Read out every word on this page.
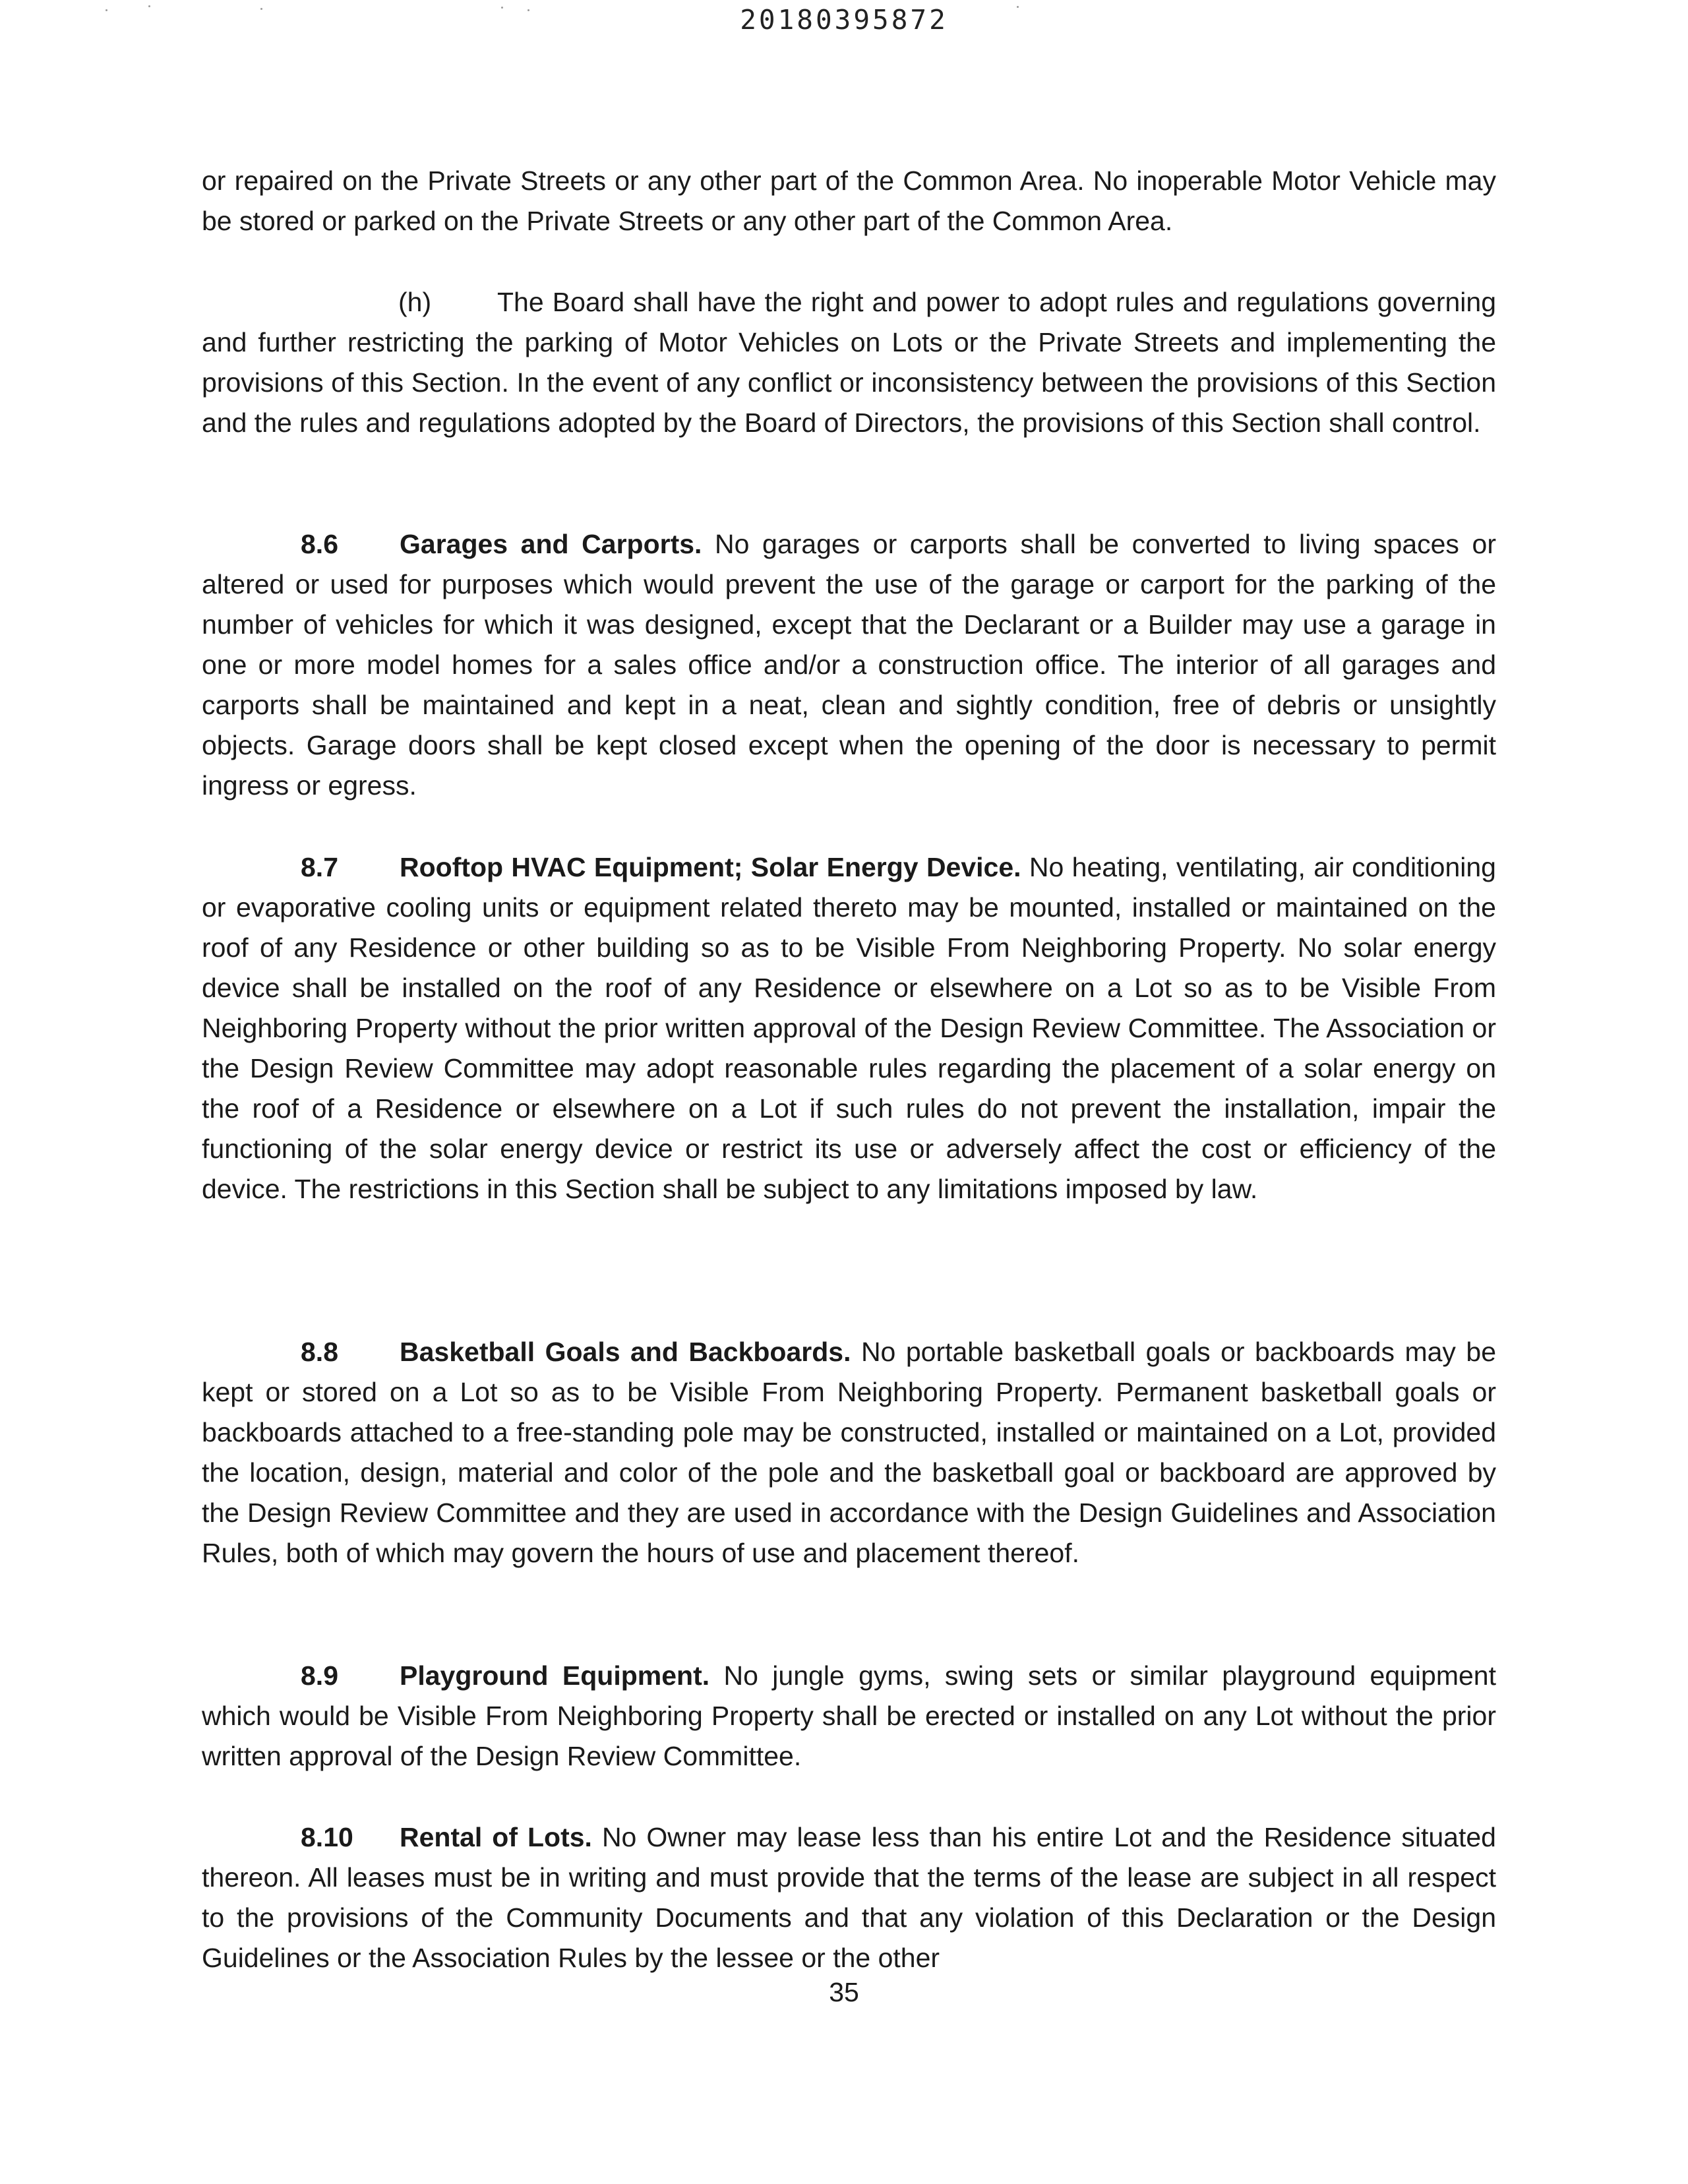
20180395872

or repaired on the Private Streets or any other part of the Common Area. No inoperable Motor Vehicle may be stored or parked on the Private Streets or any other part of the Common Area.

(h) The Board shall have the right and power to adopt rules and regulations governing and further restricting the parking of Motor Vehicles on Lots or the Private Streets and implementing the provisions of this Section. In the event of any conflict or inconsistency between the provisions of this Section and the rules and regulations adopted by the Board of Directors, the provisions of this Section shall control.

8.6 Garages and Carports. No garages or carports shall be converted to living spaces or altered or used for purposes which would prevent the use of the garage or carport for the parking of the number of vehicles for which it was designed, except that the Declarant or a Builder may use a garage in one or more model homes for a sales office and/or a construction office. The interior of all garages and carports shall be maintained and kept in a neat, clean and sightly condition, free of debris or unsightly objects. Garage doors shall be kept closed except when the opening of the door is necessary to permit ingress or egress.

8.7 Rooftop HVAC Equipment; Solar Energy Device. No heating, ventilating, air conditioning or evaporative cooling units or equipment related thereto may be mounted, installed or maintained on the roof of any Residence or other building so as to be Visible From Neighboring Property. No solar energy device shall be installed on the roof of any Residence or elsewhere on a Lot so as to be Visible From Neighboring Property without the prior written approval of the Design Review Committee. The Association or the Design Review Committee may adopt reasonable rules regarding the placement of a solar energy on the roof of a Residence or elsewhere on a Lot if such rules do not prevent the installation, impair the functioning of the solar energy device or restrict its use or adversely affect the cost or efficiency of the device. The restrictions in this Section shall be subject to any limitations imposed by law.

8.8 Basketball Goals and Backboards. No portable basketball goals or backboards may be kept or stored on a Lot so as to be Visible From Neighboring Property. Permanent basketball goals or backboards attached to a free-standing pole may be constructed, installed or maintained on a Lot, provided the location, design, material and color of the pole and the basketball goal or backboard are approved by the Design Review Committee and they are used in accordance with the Design Guidelines and Association Rules, both of which may govern the hours of use and placement thereof.

8.9 Playground Equipment. No jungle gyms, swing sets or similar playground equipment which would be Visible From Neighboring Property shall be erected or installed on any Lot without the prior written approval of the Design Review Committee.

8.10 Rental of Lots. No Owner may lease less than his entire Lot and the Residence situated thereon. All leases must be in writing and must provide that the terms of the lease are subject in all respect to the provisions of the Community Documents and that any violation of this Declaration or the Design Guidelines or the Association Rules by the lessee or the other

35
